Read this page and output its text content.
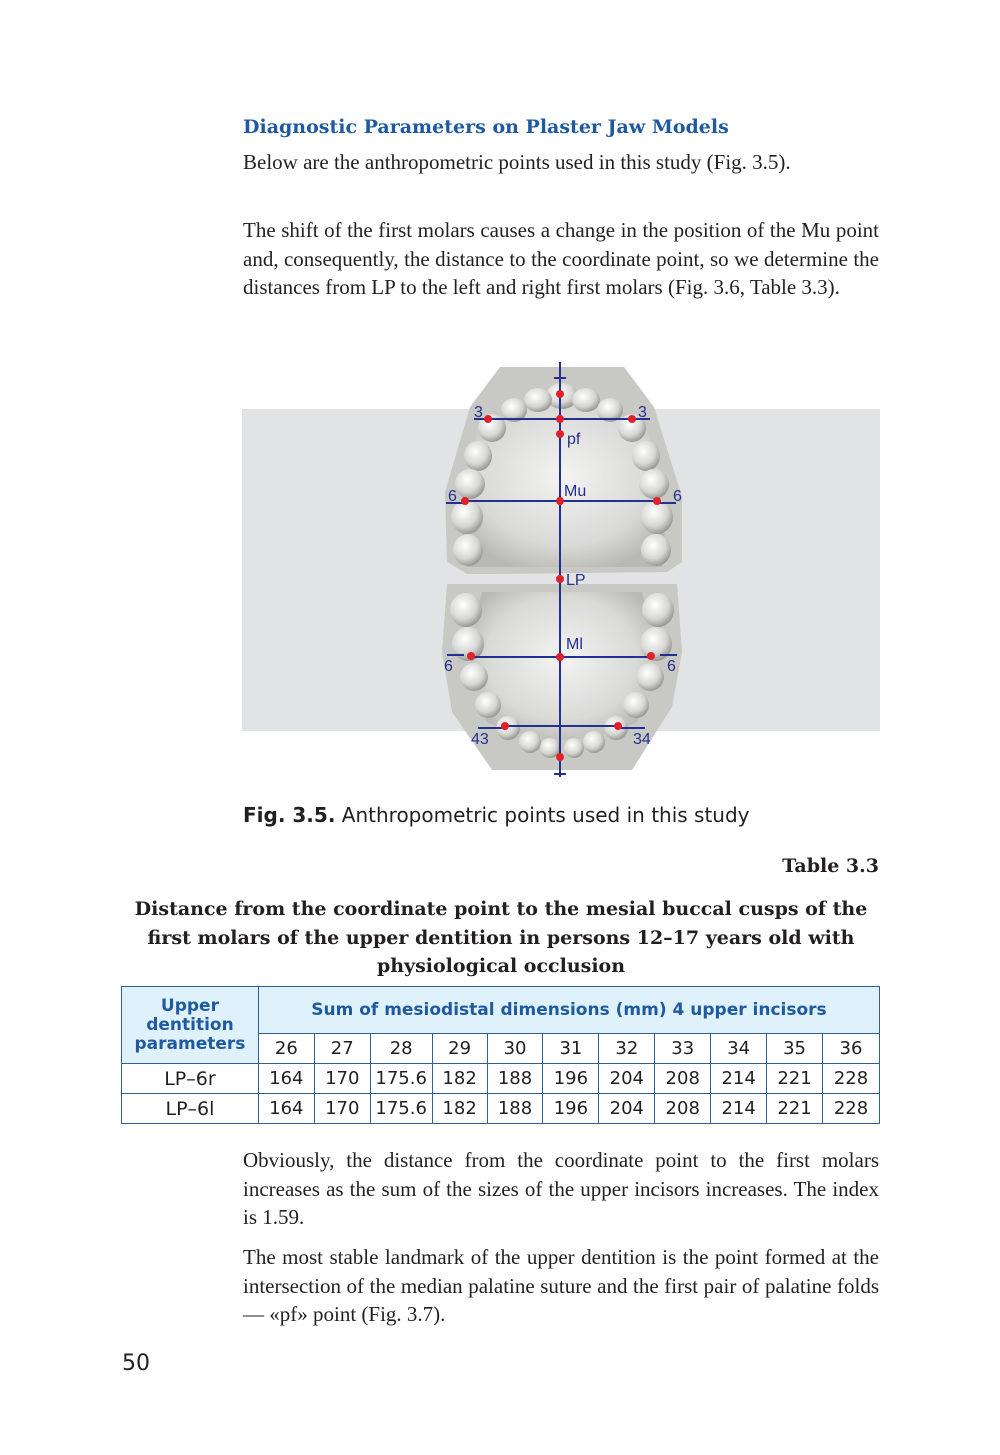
Diagnostic Parameters on Plaster Jaw Models
Below are the anthropometric points used in this study (Fig. 3.5).
The shift of the first molars causes a change in the position of the Mu point and, consequently, the distance to the coordinate point, so we determine the distances from LP to the left and right first molars (Fig. 3.6, Table 3.3).
3	3
pf
Mu
6	6
LP
Ml
6	6
43	34
Fig. 3.5. Anthropometric points used in this study
Table 3.3
Distance from the coordinate point to the mesial buccal cusps of the first molars of the upper dentition in persons 12–17 years old with physiological occlusion
Upper dentition parameters	Sum of mesiodistal dimensions (mm) 4 upper incisors										
	26	27	28	29	30	31	32	33	34	35	36
LP–6r	164	170	175.6	182	188	196	204	208	214	221	228
LP–6l	164	170	175.6	182	188	196	204	208	214	221	228
Obviously, the distance from the coordinate point to the first molars increases as the sum of the sizes of the upper incisors increases. The index is 1.59.
The most stable landmark of the upper dentition is the point formed at the intersection of the median palatine suture and the first pair of palatine folds — «pf» point (Fig. 3.7).
50
